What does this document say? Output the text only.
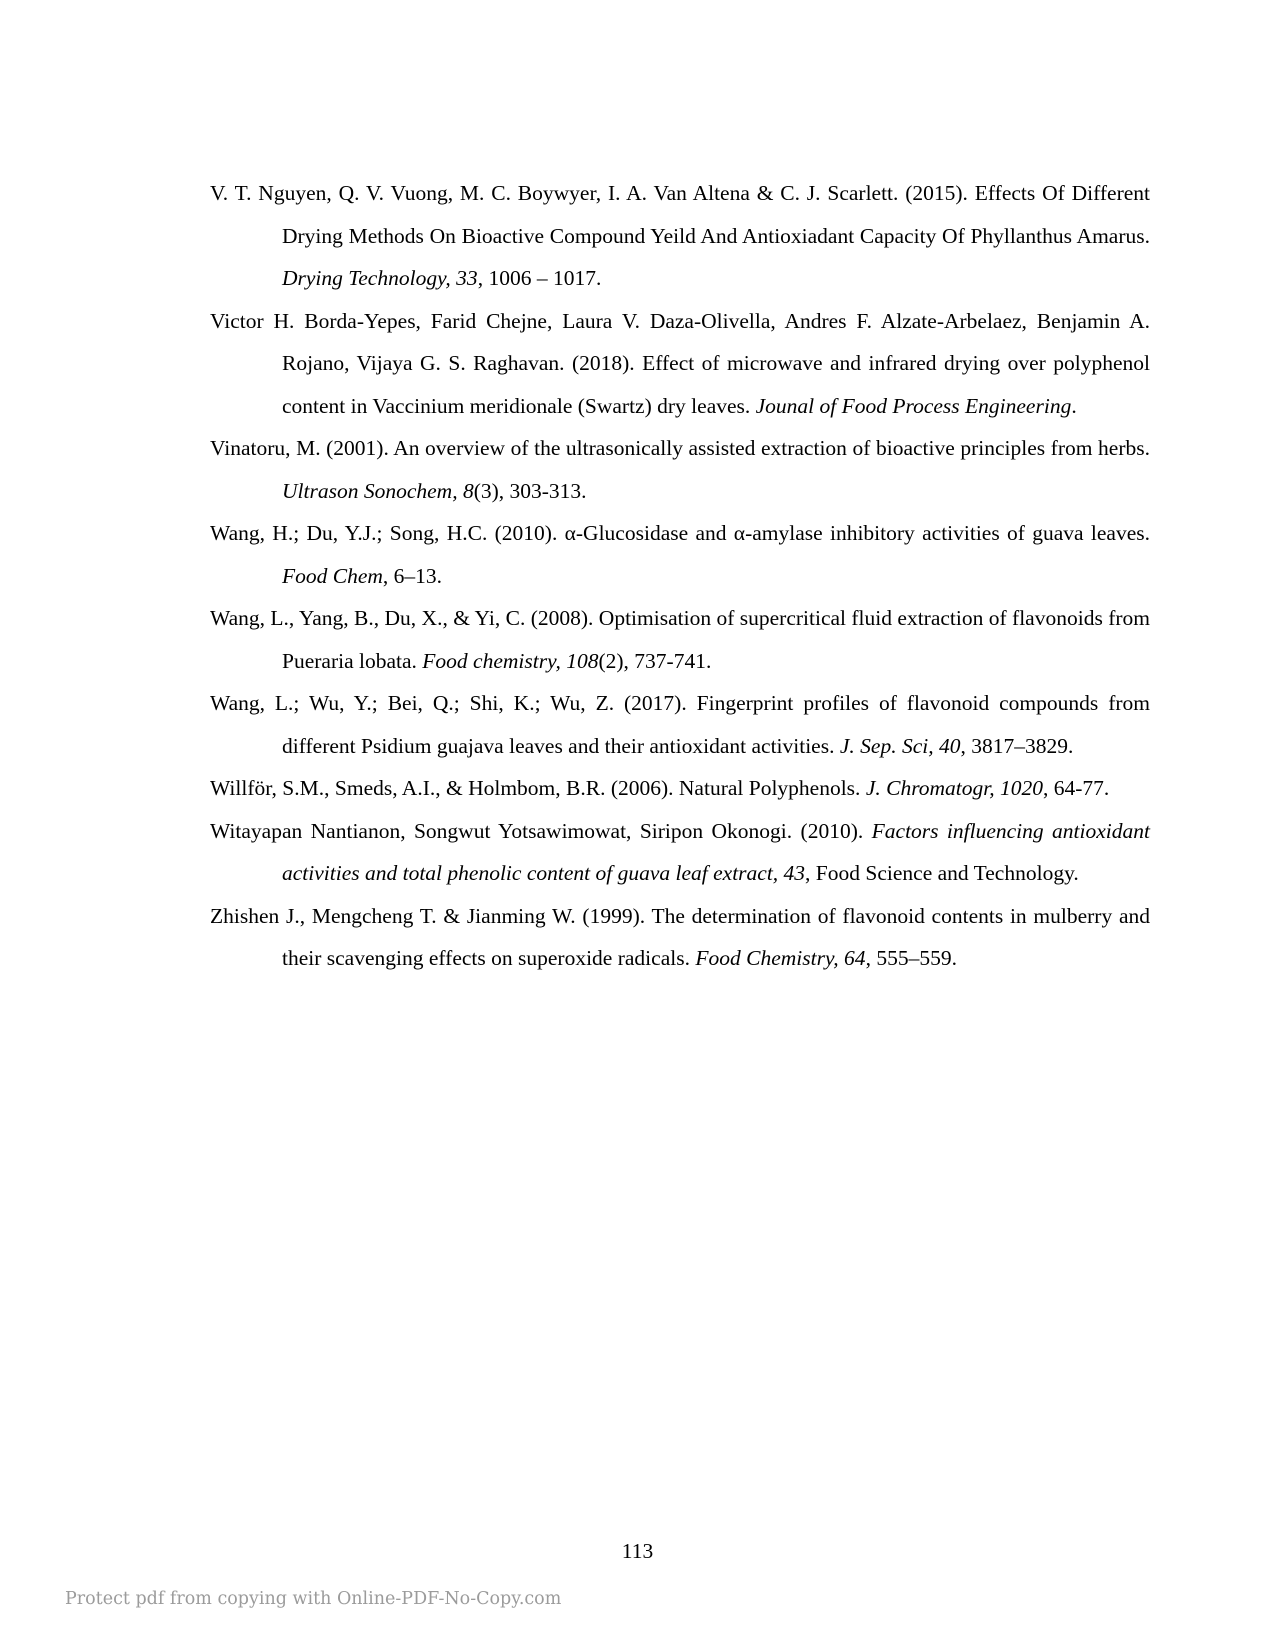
V. T. Nguyen, Q. V. Vuong, M. C. Boywyer, I. A. Van Altena & C. J. Scarlett. (2015). Effects Of Different Drying Methods On Bioactive Compound Yeild And Antioxiadant Capacity Of Phyllanthus Amarus. Drying Technology, 33, 1006 – 1017.
Victor H. Borda-Yepes, Farid Chejne, Laura V. Daza-Olivella, Andres F. Alzate-Arbelaez, Benjamin A. Rojano, Vijaya G. S. Raghavan. (2018). Effect of microwave and infrared drying over polyphenol content in Vaccinium meridionale (Swartz) dry leaves. Jounal of Food Process Engineering.
Vinatoru, M. (2001). An overview of the ultrasonically assisted extraction of bioactive principles from herbs. Ultrason Sonochem, 8(3), 303-313.
Wang, H.; Du, Y.J.; Song, H.C. (2010). α-Glucosidase and α-amylase inhibitory activities of guava leaves. Food Chem, 6–13.
Wang, L., Yang, B., Du, X., & Yi, C. (2008). Optimisation of supercritical fluid extraction of flavonoids from Pueraria lobata. Food chemistry, 108(2), 737-741.
Wang, L.; Wu, Y.; Bei, Q.; Shi, K.; Wu, Z. (2017). Fingerprint profiles of flavonoid compounds from different Psidium guajava leaves and their antioxidant activities. J. Sep. Sci, 40, 3817–3829.
Willför, S.M., Smeds, A.I., & Holmbom, B.R. (2006). Natural Polyphenols. J. Chromatogr, 1020, 64-77.
Witayapan Nantianon, Songwut Yotsawimowat, Siripon Okonogi. (2010). Factors influencing antioxidant activities and total phenolic content of guava leaf extract, 43, Food Science and Technology.
Zhishen J., Mengcheng T. & Jianming W. (1999). The determination of flavonoid contents in mulberry and their scavenging effects on superoxide radicals. Food Chemistry, 64, 555–559.
113
Protect pdf from copying with Online-PDF-No-Copy.com
